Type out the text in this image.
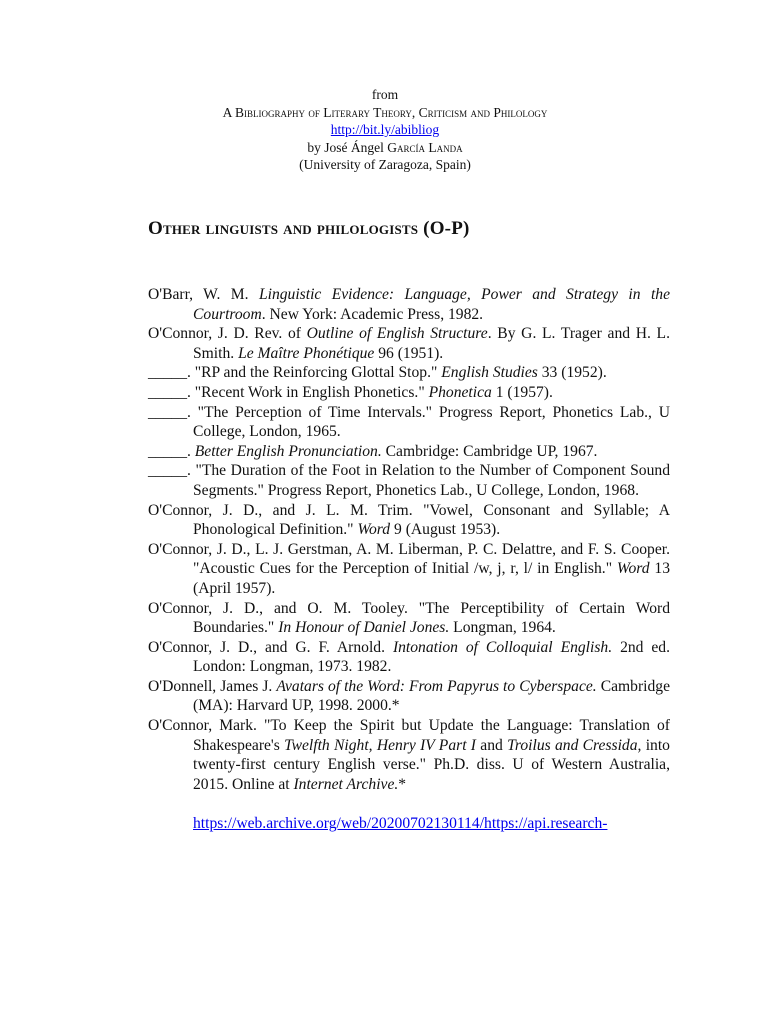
from
A Bibliography of Literary Theory, Criticism and Philology
http://bit.ly/abibliog
by José Ángel García Landa
(University of Zaragoza, Spain)
Other linguists and philologists (O-P)

O'Barr, W. M. Linguistic Evidence: Language, Power and Strategy in the Courtroom. New York: Academic Press, 1982.

O'Connor, J. D. Rev. of Outline of English Structure. By G. L. Trager and H. L. Smith. Le Maître Phonétique 96 (1951).

_____. "RP and the Reinforcing Glottal Stop." English Studies 33 (1952).

_____. "Recent Work in English Phonetics." Phonetica 1 (1957).

_____. "The Perception of Time Intervals." Progress Report, Phonetics Lab., U College, London, 1965.

_____. Better English Pronunciation. Cambridge: Cambridge UP, 1967.

_____. "The Duration of the Foot in Relation to the Number of Component Sound Segments." Progress Report, Phonetics Lab., U College, London, 1968.

O'Connor, J. D., and J. L. M. Trim. "Vowel, Consonant and Syllable; A Phonological Definition." Word 9 (August 1953).

O'Connor, J. D., L. J. Gerstman, A. M. Liberman, P. C. Delattre, and F. S. Cooper. "Acoustic Cues for the Perception of Initial /w, j, r, l/ in English." Word 13 (April 1957).

O'Connor, J. D., and O. M. Tooley. "The Perceptibility of Certain Word Boundaries." In Honour of Daniel Jones. Longman, 1964.

O'Connor, J. D., and G. F. Arnold. Intonation of Colloquial English. 2nd ed. London: Longman, 1973. 1982.

O'Donnell, James J. Avatars of the Word: From Papyrus to Cyberspace. Cambridge (MA): Harvard UP, 1998. 2000.*

O'Connor, Mark. "To Keep the Spirit but Update the Language: Translation of Shakespeare's Twelfth Night, Henry IV Part I and Troilus and Cressida, into twenty-first century English verse." Ph.D. diss. U of Western Australia, 2015. Online at Internet Archive.*

https://web.archive.org/web/20200702130114/https://api.research-
